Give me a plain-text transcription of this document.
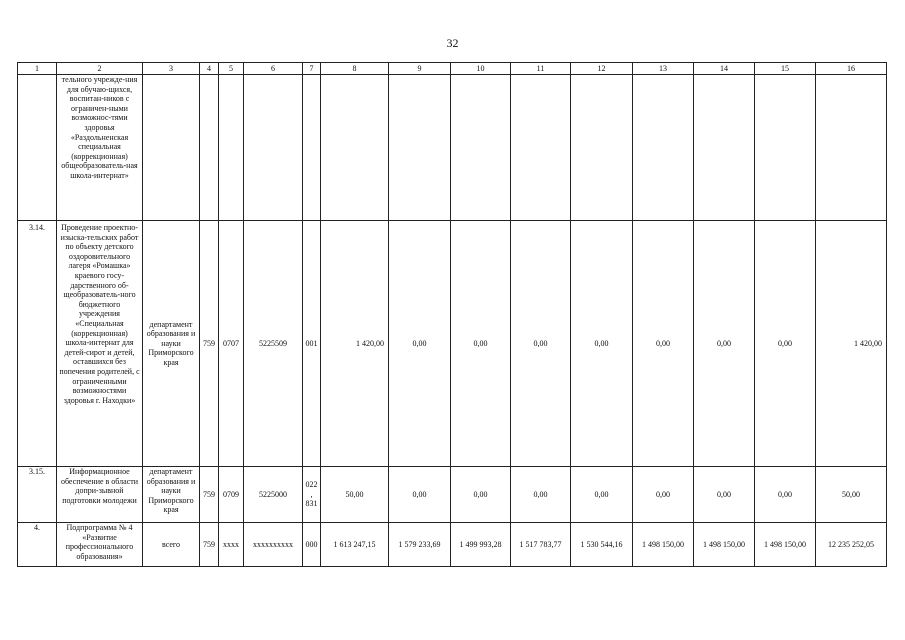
32
1	2	3	4	5	6	7	8	9	10	11	12	13	14	15	16
	тельного учрежде-ния для обучаю-щихся, воспитан-ников с ограничен-ными возможнос-тями здоровья «Раздольненская специальная (коррекционная) общеобразователь-ная школа-интернат»														
3.14.	Проведение проектно-изыска-тельских работ по объекту детского оздоровительного лагеря «Ромашка» краевого госу-дарственного об-щеобразователь-ного бюджетного учреждения «Специальная (коррекционная) школа-интернат для детей-сирот и детей, оставшихся без попечения родителей, с ограниченными возможностями здоровья г. Находки»	департамент образования и науки Приморского края	759	0707	5225509	001	1 420,00	0,00	0,00	0,00	0,00	0,00	0,00	0,00	1 420,00
3.15.	Информационное обеспечение в области допри-зывной подготовки молодежи	департамент образования и науки Приморского края	759	0709	5225000	022, 831	50,00	0,00	0,00	0,00	0,00	0,00	0,00	0,00	50,00
4.	Подпрограмма № 4 «Развитие профессионального образования»	всего	759	xxxx	xxxxxxxxxx	000	1 613 247,15	1 579 233,69	1 499 993,28	1 517 783,77	1 530 544,16	1 498 150,00	1 498 150,00	1 498 150,00	12 235 252,05
